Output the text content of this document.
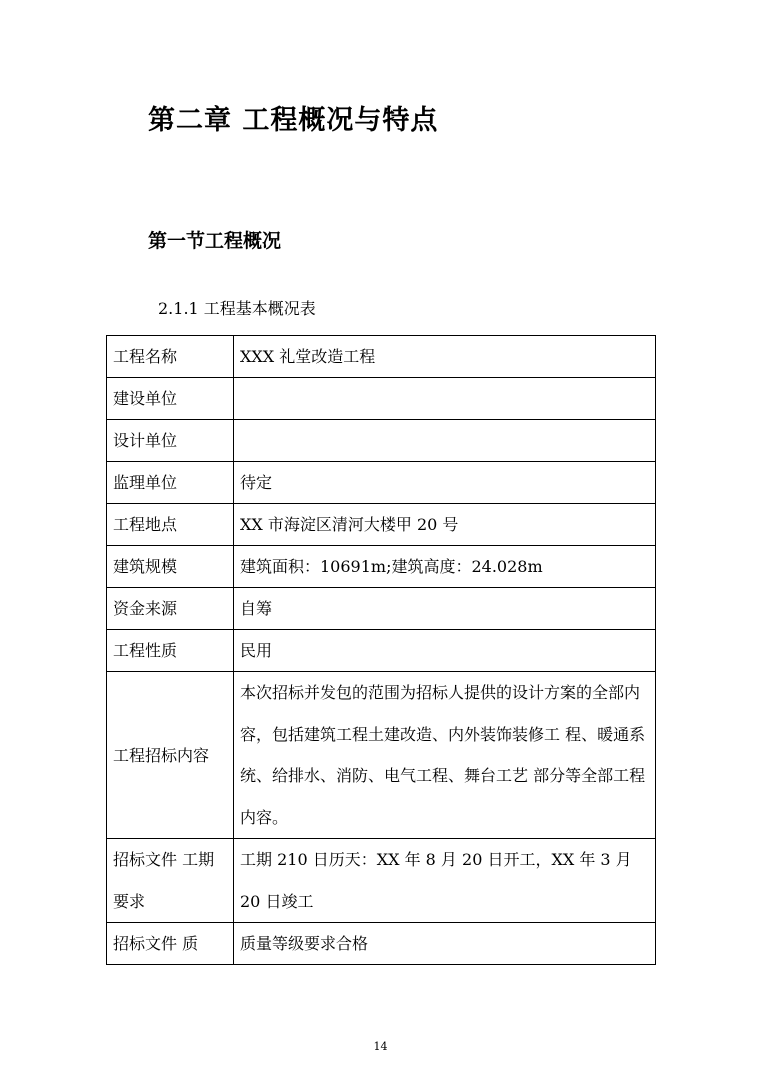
第二章 工程概况与特点
第一节工程概况
2.1.1 工程基本概况表
工程名称	XXX 礼堂改造工程
建设单位	
设计单位	
监理单位	待定
工程地点	XX 市海淀区清河大楼甲 20 号
建筑规模	建筑面积：10691m;建筑高度：24.028m
资金来源	自筹
工程性质	民用
工程招标内容	本次招标并发包的范围为招标人提供的设计方案的全部内容，包括建筑工程土建改造、内外装饰装修工 程、暖通系统、给排水、消防、电气工程、舞台工艺 部分等全部工程内容。
招标文件 工期要求	工期 210 日历天：XX 年 8 月 20 日开工，XX 年 3 月 20 日竣工
招标文件 质	质量等级要求合格
14
